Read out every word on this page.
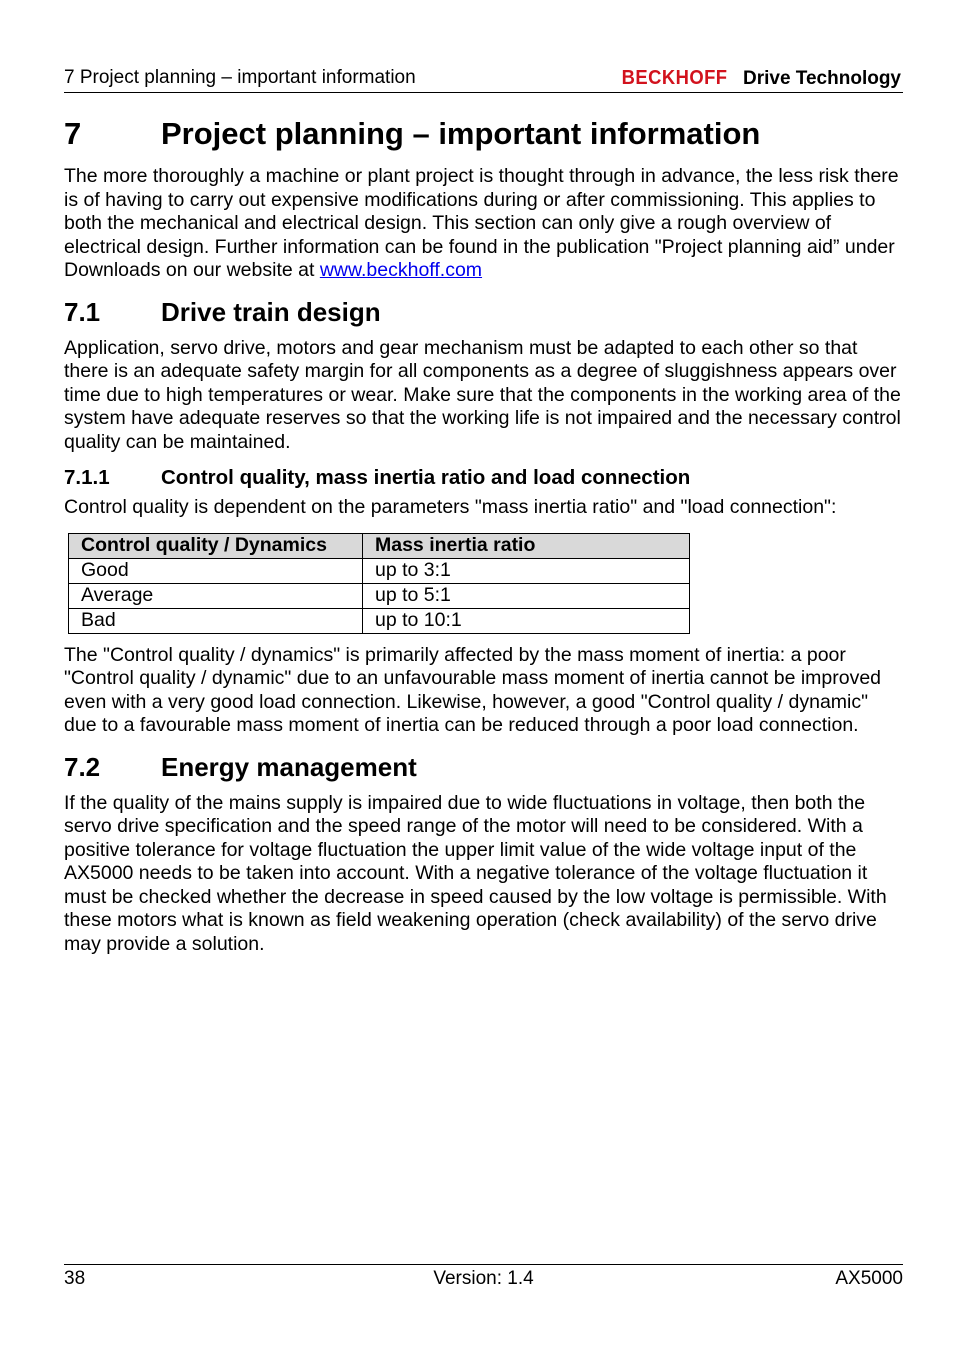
7 Project planning – important information	BECKHOFF Drive Technology
7	Project planning – important information

The more thoroughly a machine or plant project is thought through in advance, the less risk there is of having to carry out expensive modifications during or after commissioning. This applies to both the mechanical and electrical design. This section can only give a rough overview of electrical design. Further information can be found in the publication "Project planning aid” under Downloads on our website at www.beckhoff.com

7.1	Drive train design

Application, servo drive, motors and gear mechanism must be adapted to each other so that there is an adequate safety margin for all components as a degree of sluggishness appears over time due to high temperatures or wear. Make sure that the components in the working area of the system have adequate reserves so that the working life is not impaired and the necessary control quality can be maintained.

7.1.1	Control quality, mass inertia ratio and load connection

Control quality is dependent on the parameters "mass inertia ratio" and "load connection":

Control quality / Dynamics	Mass inertia ratio
Good	up to 3:1
Average	up to 5:1
Bad	up to 10:1

The "Control quality / dynamics" is primarily affected by the mass moment of inertia: a poor "Control quality / dynamic" due to an unfavourable mass moment of inertia cannot be improved even with a very good load connection. Likewise, however, a good "Control quality / dynamic" due to a favourable mass moment of inertia can be reduced through a poor load connection.

7.2	Energy management

If the quality of the mains supply is impaired due to wide fluctuations in voltage, then both the servo drive specification and the speed range of the motor will need to be considered. With a positive tolerance for voltage fluctuation the upper limit value of the wide voltage input of the AX5000 needs to be taken into account. With a negative tolerance of the voltage fluctuation it must be checked whether the decrease in speed caused by the low voltage is permissible. With these motors what is known as field weakening operation (check availability) of the servo drive may provide a solution.

38	Version: 1.4	AX5000
